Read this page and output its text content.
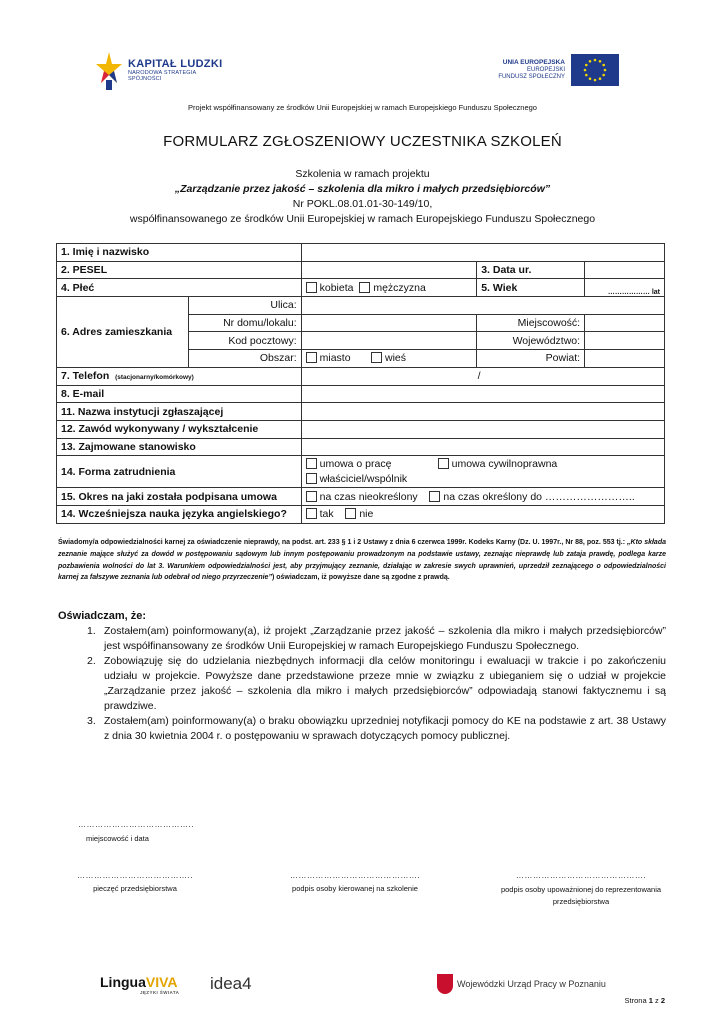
KAPITAŁ LUDZKI
NARODOWA STRATEGIA SPÓJNOŚCI
UNIA EUROPEJSKA
EUROPEJSKI
FUNDUSZ SPOŁECZNY
Projekt współfinansowany ze środków Unii Europejskiej w ramach Europejskiego Funduszu Społecznego
FORMULARZ ZGŁOSZENIOWY UCZESTNIKA SZKOLEŃ
Szkolenia w ramach projektu
„Zarządzanie przez jakość – szkolenia dla mikro i małych przedsiębiorców”
Nr POKL.08.01.01-30-149/10,
współfinansowanego ze środków Unii Europejskiej w ramach Europejskiego Funduszu Społecznego
1. Imię i nazwisko				
2. PESEL			3. Data ur.	
4. Płeć		kobieta mężczyzna	5. Wiek	……………… lat
6. Adres zamieszkania	Ulica:			
	Nr domu/lokalu:		Miejscowość:	
	Kod pocztowy:		Województwo:	
	Obszar:	miasto wieś	Powiat:	
7. Telefon (stacjonarny/komórkowy)		/		
8. E-mail				
11. Nazwa instytucji zgłaszającej				
12. Zawód wykonywany / wykształcenie				
13. Zajmowane stanowisko				
14. Forma zatrudnienia		umowa o pracę umowa cywilnoprawna
właściciel/wspólnik		

15. Okres na jaki została podpisana umowa		na czas nieokreślony na czas określony do ……………………..		
14. Wcześniejsza nauka języka angielskiego?		tak nie		
Świadomy/a odpowiedzialności karnej za oświadczenie nieprawdy, na podst. art. 233 § 1 i 2 Ustawy z dnia 6 czerwca 1999r. Kodeks Karny (Dz. U. 1997r., Nr 88, poz. 553 tj.: „Kto składa zeznanie mające służyć za dowód w postępowaniu sądowym lub innym postępowaniu prowadzonym na podstawie ustawy, zeznając nieprawdę lub zataja prawdę, podlega karze pozbawienia wolności do lat 3. Warunkiem odpowiedzialności jest, aby przyjmujący zeznanie, działając w zakresie swych uprawnień, uprzedził zeznającego o odpowiedzialności karnej za fałszywe zeznania lub odebrał od niego przyrzeczenie”) oświadczam, iż powyższe dane są zgodne z prawdą.
Oświadczam, że:
1. Zostałem(am) poinformowany(a), iż projekt „Zarządzanie przez jakość – szkolenia dla mikro i małych przedsiębiorców” jest współfinansowany ze środków Unii Europejskiej w ramach Europejskiego Funduszu Społecznego.
2. Zobowiązuję się do udzielania niezbędnych informacji dla celów monitoringu i ewaluacji w trakcie i po zakończeniu udziału w projekcie. Powyższe dane przedstawione przeze mnie w związku z ubieganiem się o udział w projekcie „Zarządzanie przez jakość – szkolenia dla mikro i małych przedsiębiorców” odpowiadają stanowi faktycznemu i są prawdziwe.
3. Zostałem(am) poinformowany(a) o braku obowiązku uprzedniej notyfikacji pomocy do KE na podstawie z art. 38 Ustawy z dnia 30 kwietnia 2004 r. o postępowaniu w sprawach dotyczących pomocy publicznej.
…………………………………..
miejscowość i data
…………………………………..
pieczęć przedsiębiorstwa
……………………………………….
podpis osoby kierowanej na szkolenie
……………………………………….
podpis osoby upoważnionej do reprezentowania przedsiębiorstwa
LinguaVIVA
JĘZYKI ŚWIATA idea4	Wojewódzki Urząd Pracy w Poznaniu
Strona 1 z 2
